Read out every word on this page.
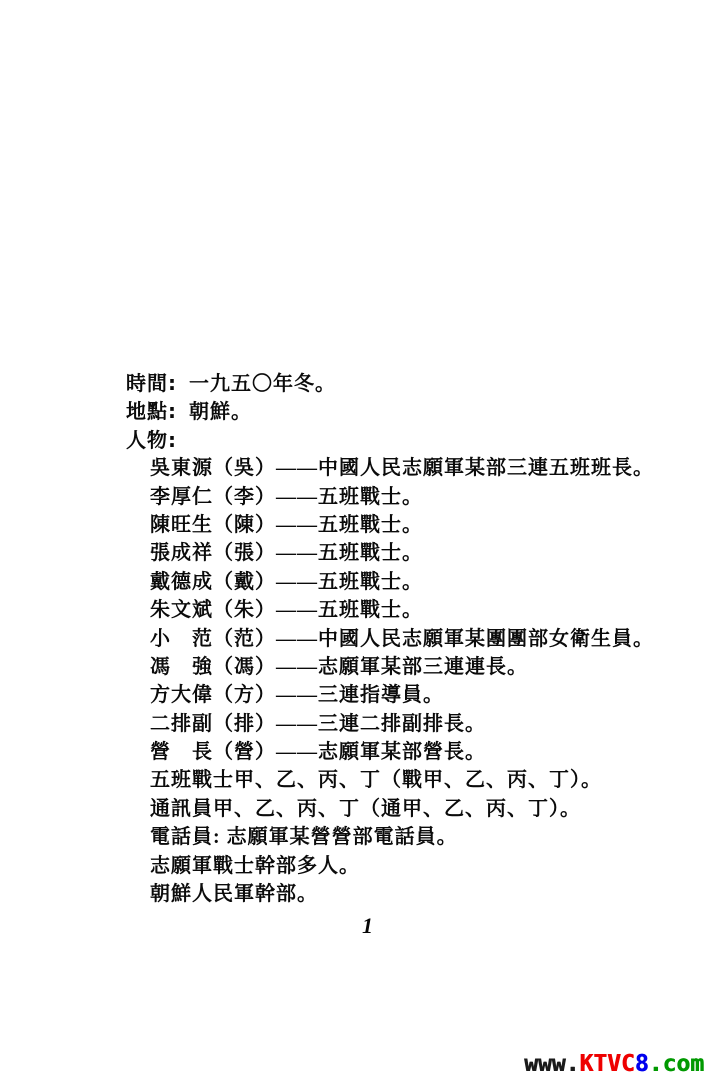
時間: 一九五〇年冬。
地點: 朝鮮。
人物:
吳東源（吳）——中國人民志願軍某部三連五班班長。
李厚仁（李）——五班戰士。
陳旺生（陳）——五班戰士。
張成祥（張）——五班戰士。
戴德成（戴）——五班戰士。
朱文斌（朱）——五班戰士。
小　范（范）——中國人民志願軍某團團部女衛生員。
馮　強（馮）——志願軍某部三連連長。
方大偉（方）——三連指導員。
二排副（排）——三連二排副排長。
營　長（營）——志願軍某部營長。
五班戰士甲、乙、丙、丁（戰甲、乙、丙、丁）。
通訊員甲、乙、丙、丁（通甲、乙、丙、丁）。
電話員: 志願軍某營營部電話員。
志願軍戰士幹部多人。
朝鮮人民軍幹部。
1
www.KTVC8.com
